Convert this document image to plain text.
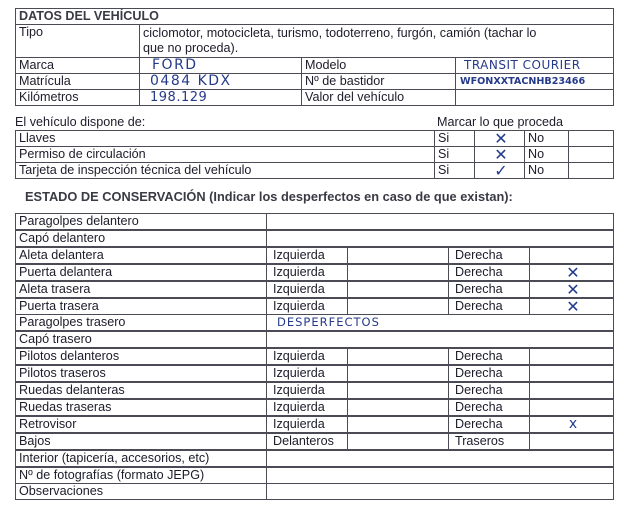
DATOS DEL VEHÍCULO
Tipo	ciclomotor, motocicleta, turismo, todoterreno, furgón, camión (tachar lo
que no proceda).
Marca	FORD	Modelo	TRANSIT COURIER
Matrícula	0484 KDX	Nº de bastidor	WFONXXTACNHB23466
Kilómetros	198.129	Valor del vehículo
El vehículo dispone de:	Marcar lo que proceda
Llaves	Si	✕	No
Permiso de circulación	Si	✕	No
Tarjeta de inspección técnica del vehículo	Si	✓	No
ESTADO DE CONSERVACIÓN (Indicar los desperfectos en caso de que existan):
Paragolpes delantero
Capó delantero
Aleta delantera	Izquierda	Derecha
Puerta delantera	Izquierda	Derecha	✕
Aleta trasera	Izquierda	Derecha	✕
Puerta trasera	Izquierda	Derecha	✕
Paragolpes trasero	DESPERFECTOS
Capó trasero
Pilotos delanteros	Izquierda	Derecha
Pilotos traseros	Izquierda	Derecha
Ruedas delanteras	Izquierda	Derecha
Ruedas traseras	Izquierda	Derecha
Retrovisor	Izquierda	Derecha	x
Bajos	Delanteros	Traseros
Interior (tapicería, accesorios, etc)
Nº de fotografías (formato JEPG)
Observaciones
